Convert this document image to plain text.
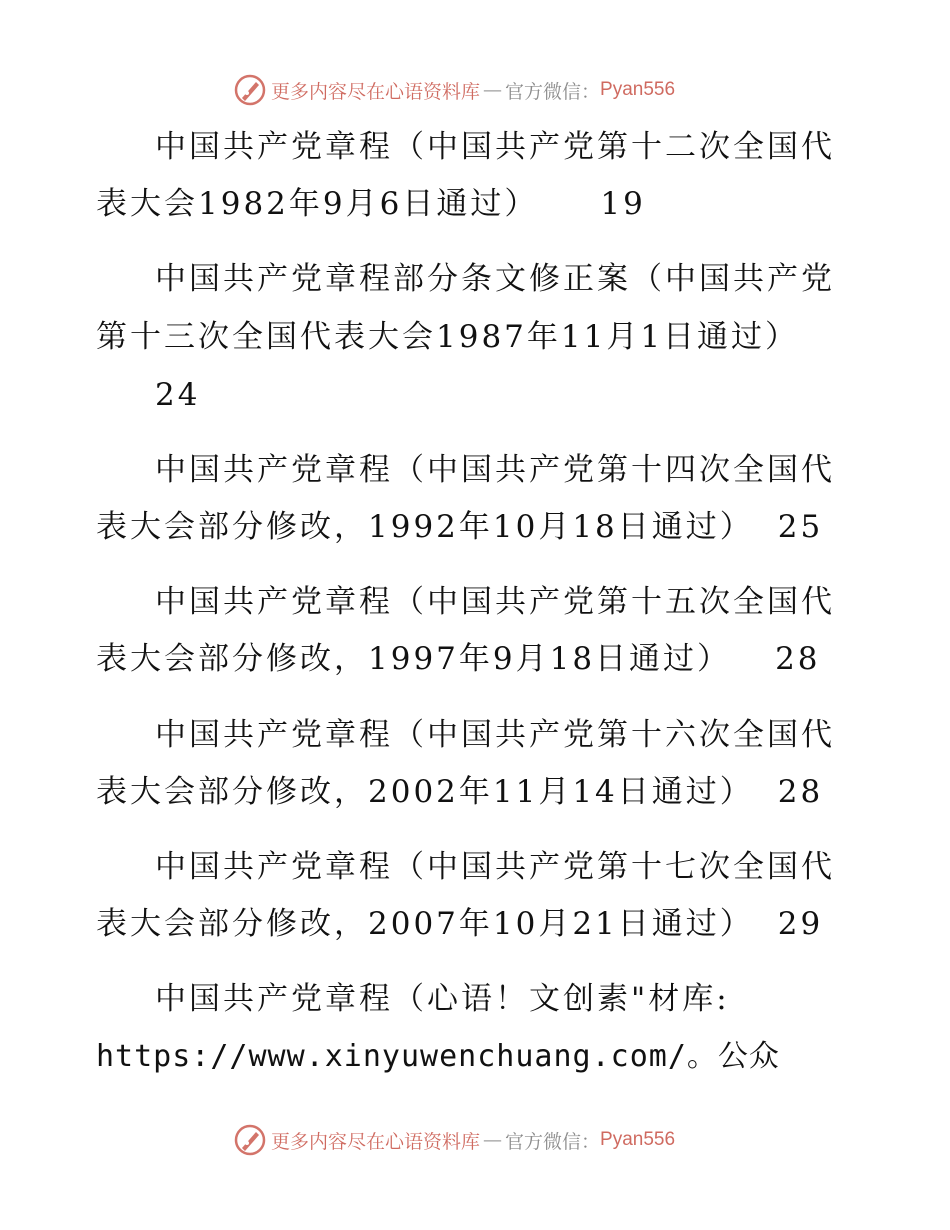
更多内容尽在心语资料库 — 官方微信： Pyan556
中国共产党章程（中国共产党第十二次全国代
表大会1982年9月6日通过） 19
中国共产党章程部分条文修正案（中国共产党
第十三次全国代表大会1987年11月1日通过）
24
中国共产党章程（中国共产党第十四次全国代
表大会部分修改，1992年10月18日通过） 25
中国共产党章程（中国共产党第十五次全国代
表大会部分修改，1997年9月18日通过） 28
中国共产党章程（中国共产党第十六次全国代
表大会部分修改，2002年11月14日通过） 28
中国共产党章程（中国共产党第十七次全国代
表大会部分修改，2007年10月21日通过） 29
中国共产党章程（心语！文创素"材库:
https://www.xinyuwenchuang.com/。公众
更多内容尽在心语资料库 — 官方微信： Pyan556
